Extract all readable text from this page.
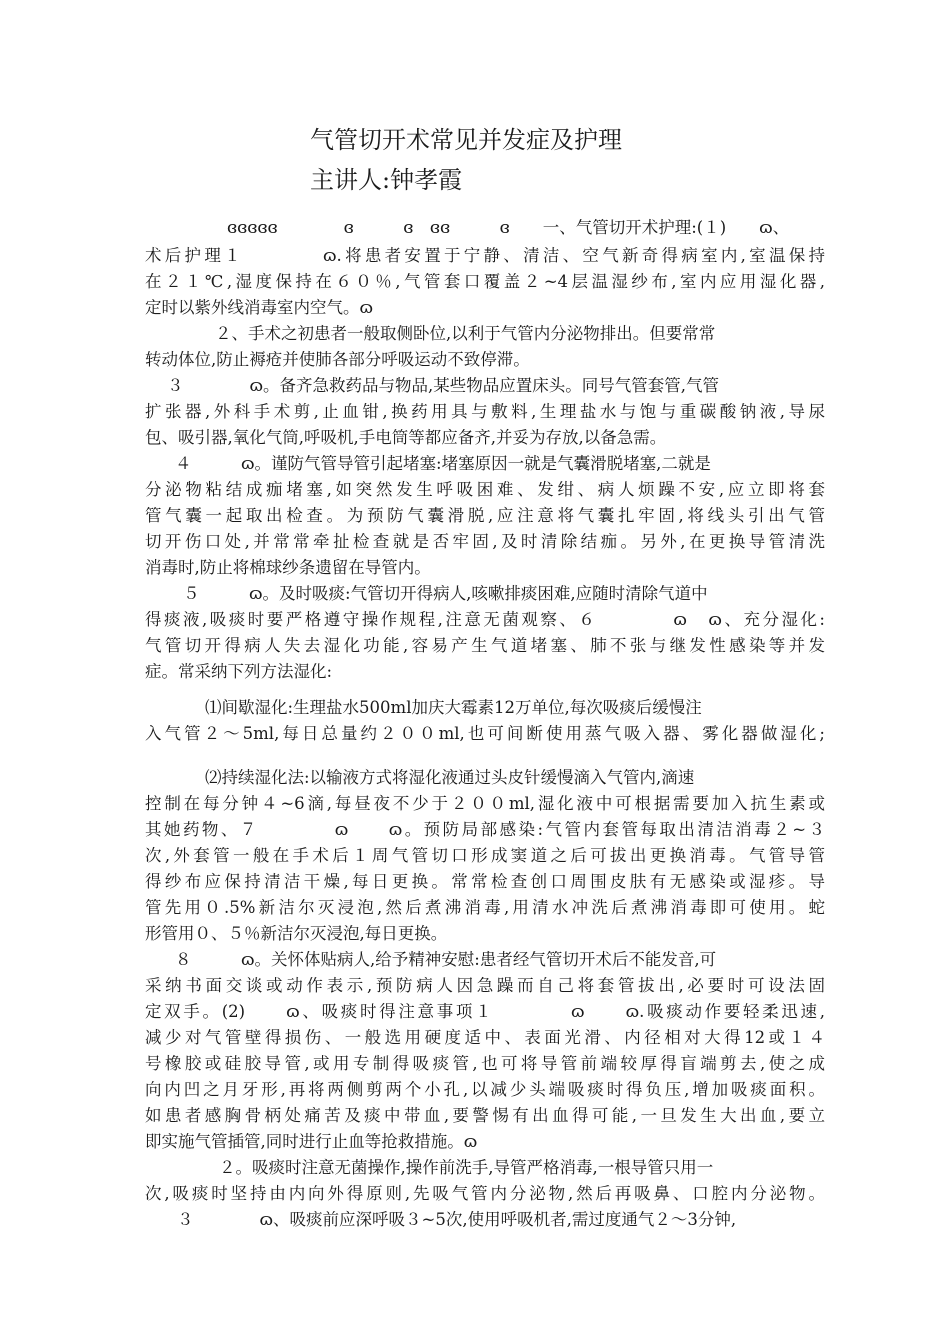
气管切开术常见并发症及护理
主讲人:钟孝霞
ɞɞɞɞɞ　　　　ɞ　　　ɞ　ɞɞ　　　ɞ　　一、气管切开术护理:(１)　　ɷ、
术后护理１　　　　ɷ.将患者安置于宁静、清洁、空气新奇得病室内,室温保持
在２１℃,湿度保持在６０％,气管套口覆盖２~4层温湿纱布,室内应用湿化器,
定时以紫外线消毒室内空气。ɷ
２、手术之初患者一般取侧卧位,以利于气管内分泌物排出。但要常常
转动体位,防止褥疮并使肺各部分呼吸运动不致停滞。
３　　　　ɷ。备齐急救药品与物品,某些物品应置床头。同号气管套管,气管
扩张器,外科手术剪,止血钳,换药用具与敷料,生理盐水与饱与重碳酸钠液,导尿
包、吸引器,氧化气筒,呼吸机,手电筒等都应备齐,并妥为存放,以备急需。
４　　　ɷ。谨防气管导管引起堵塞:堵塞原因一就是气囊滑脱堵塞,二就是
分泌物粘结成痂堵塞,如突然发生呼吸困难、发绀、病人烦躁不安,应立即将套
管气囊一起取出检查。为预防气囊滑脱,应注意将气囊扎牢固,将线头引出气管
切开伤口处,并常常牵扯检查就是否牢固,及时清除结痂。另外,在更换导管清洗
消毒时,防止将棉球纱条遗留在导管内。
５　　　ɷ。及时吸痰:气管切开得病人,咳嗽排痰困难,应随时清除气道中
得痰液,吸痰时要严格遵守操作规程,注意无菌观察、６　　　　ɷ　ɷ、充分湿化:
气管切开得病人失去湿化功能,容易产生气道堵塞、肺不张与继发性感染等并发
症。常采纳下列方法湿化:
⑴间歇湿化:生理盐水500ml加庆大霉素12万单位,每次吸痰后缓慢注
入气管２～5ml,每日总量约２００ml,也可间断使用蒸气吸入器、雾化器做湿化;
⑵持续湿化法:以输液方式将湿化液通过头皮针缓慢滴入气管内,滴速
控制在每分钟４~6滴,每昼夜不少于２００ml,湿化液中可根据需要加入抗生素或
其她药物、７　　　　ɷ　　ɷ。预防局部感染:气管内套管每取出清洁消毒２~３
次,外套管一般在手术后１周气管切口形成窦道之后可拔出更换消毒。气管导管
得纱布应保持清洁干燥,每日更换。常常检查创口周围皮肤有无感染或湿疹。导
管先用０.5%新洁尔灭浸泡,然后煮沸消毒,用清水冲洗后煮沸消毒即可使用。蛇
形管用０、５％新洁尔灭浸泡,每日更换。
８　　　ɷ。关怀体贴病人,给予精神安慰:患者经气管切开术后不能发音,可
采纳书面交谈或动作表示,预防病人因急躁而自己将套管拔出,必要时可设法固
定双手。(2)　　ɷ、吸痰时得注意事项１　　　　ɷ　　ɷ.吸痰动作要轻柔迅速,
减少对气管壁得损伤、一般选用硬度适中、表面光滑、内径相对大得12或１４
号橡胶或硅胶导管,或用专制得吸痰管,也可将导管前端较厚得盲端剪去,使之成
向内凹之月牙形,再将两侧剪两个小孔,以减少头端吸痰时得负压,增加吸痰面积。
如患者感胸骨柄处痛苦及痰中带血,要警惕有出血得可能,一旦发生大出血,要立
即实施气管插管,同时进行止血等抢救措施。ɷ
２。吸痰时注意无菌操作,操作前洗手,导管严格消毒,一根导管只用一
次,吸痰时坚持由内向外得原则,先吸气管内分泌物,然后再吸鼻、口腔内分泌物。
３　　　　ɷ、吸痰前应深呼吸３~5次,使用呼吸机者,需过度通气２～3分钟,
